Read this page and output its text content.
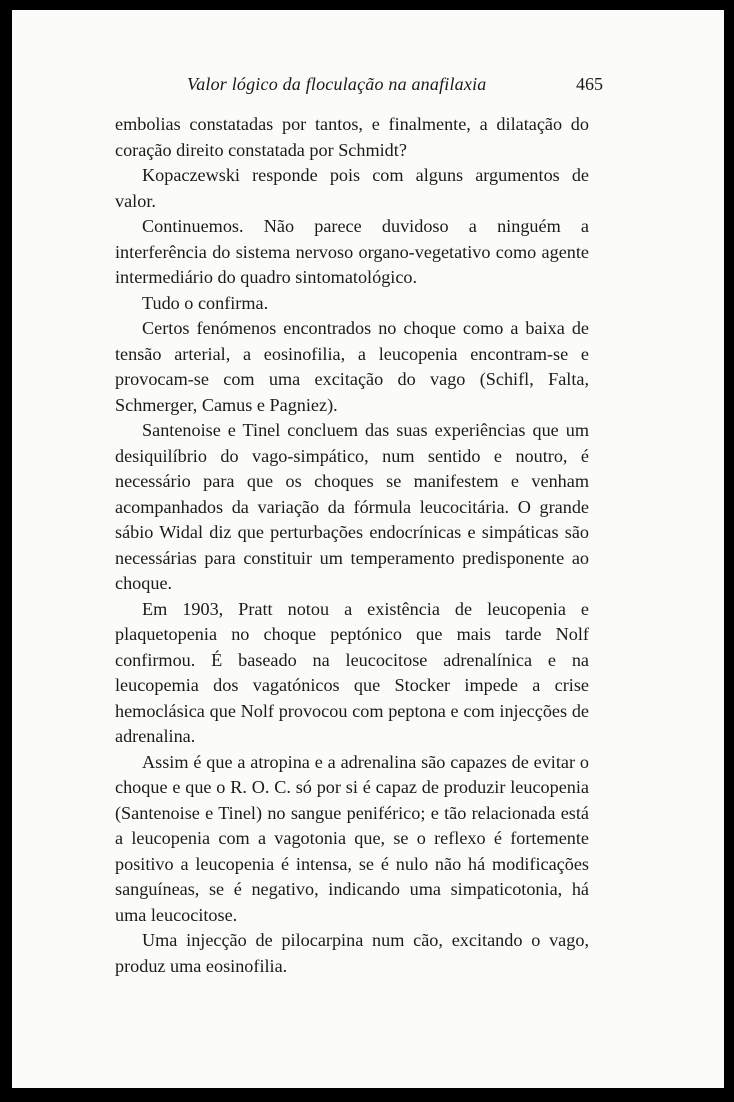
Valor lógico da floculação na anafilaxia	465

embolias constatadas por tantos, e finalmente, a dilatação do coração direito constatada por Schmidt?

Kopaczewski responde pois com alguns argumentos de valor.

Continuemos. Não parece duvidoso a ninguém a interferência do sistema nervoso organo-vegetativo como agente intermediário do quadro sintomatológico.

Tudo o confirma.

Certos fenómenos encontrados no choque como a baixa de tensão arterial, a eosinofilia, a leucopenia encontram-se e provocam-se com uma excitação do vago (Schifl, Falta, Schmerger, Camus e Pagniez).

Santenoise e Tinel concluem das suas experiências que um desiquilíbrio do vago-simpático, num sentido e noutro, é necessário para que os choques se manifestem e venham acompanhados da variação da fórmula leucocitária. O grande sábio Widal diz que perturbações endocrínicas e simpáticas são necessárias para constituir um temperamento predisponente ao choque.

Em 1903, Pratt notou a existência de leucopenia e plaquetopenia no choque peptónico que mais tarde Nolf confirmou. É baseado na leucocitose adrenalínica e na leucopemia dos vagatónicos que Stocker impede a crise hemoclásica que Nolf provocou com peptona e com injecções de adrenalina.

Assim é que a atropina e a adrenalina são capazes de evitar o choque e que o R. O. C. só por si é capaz de produzir leucopenia (Santenoise e Tinel) no sangue peniférico; e tão relacionada está a leucopenia com a vagotonia que, se o reflexo é fortemente positivo a leucopenia é intensa, se é nulo não há modificações sanguíneas, se é negativo, indicando uma simpaticotonia, há uma leucocitose.

Uma injecção de pilocarpina num cão, excitando o vago, produz uma eosinofilia.
